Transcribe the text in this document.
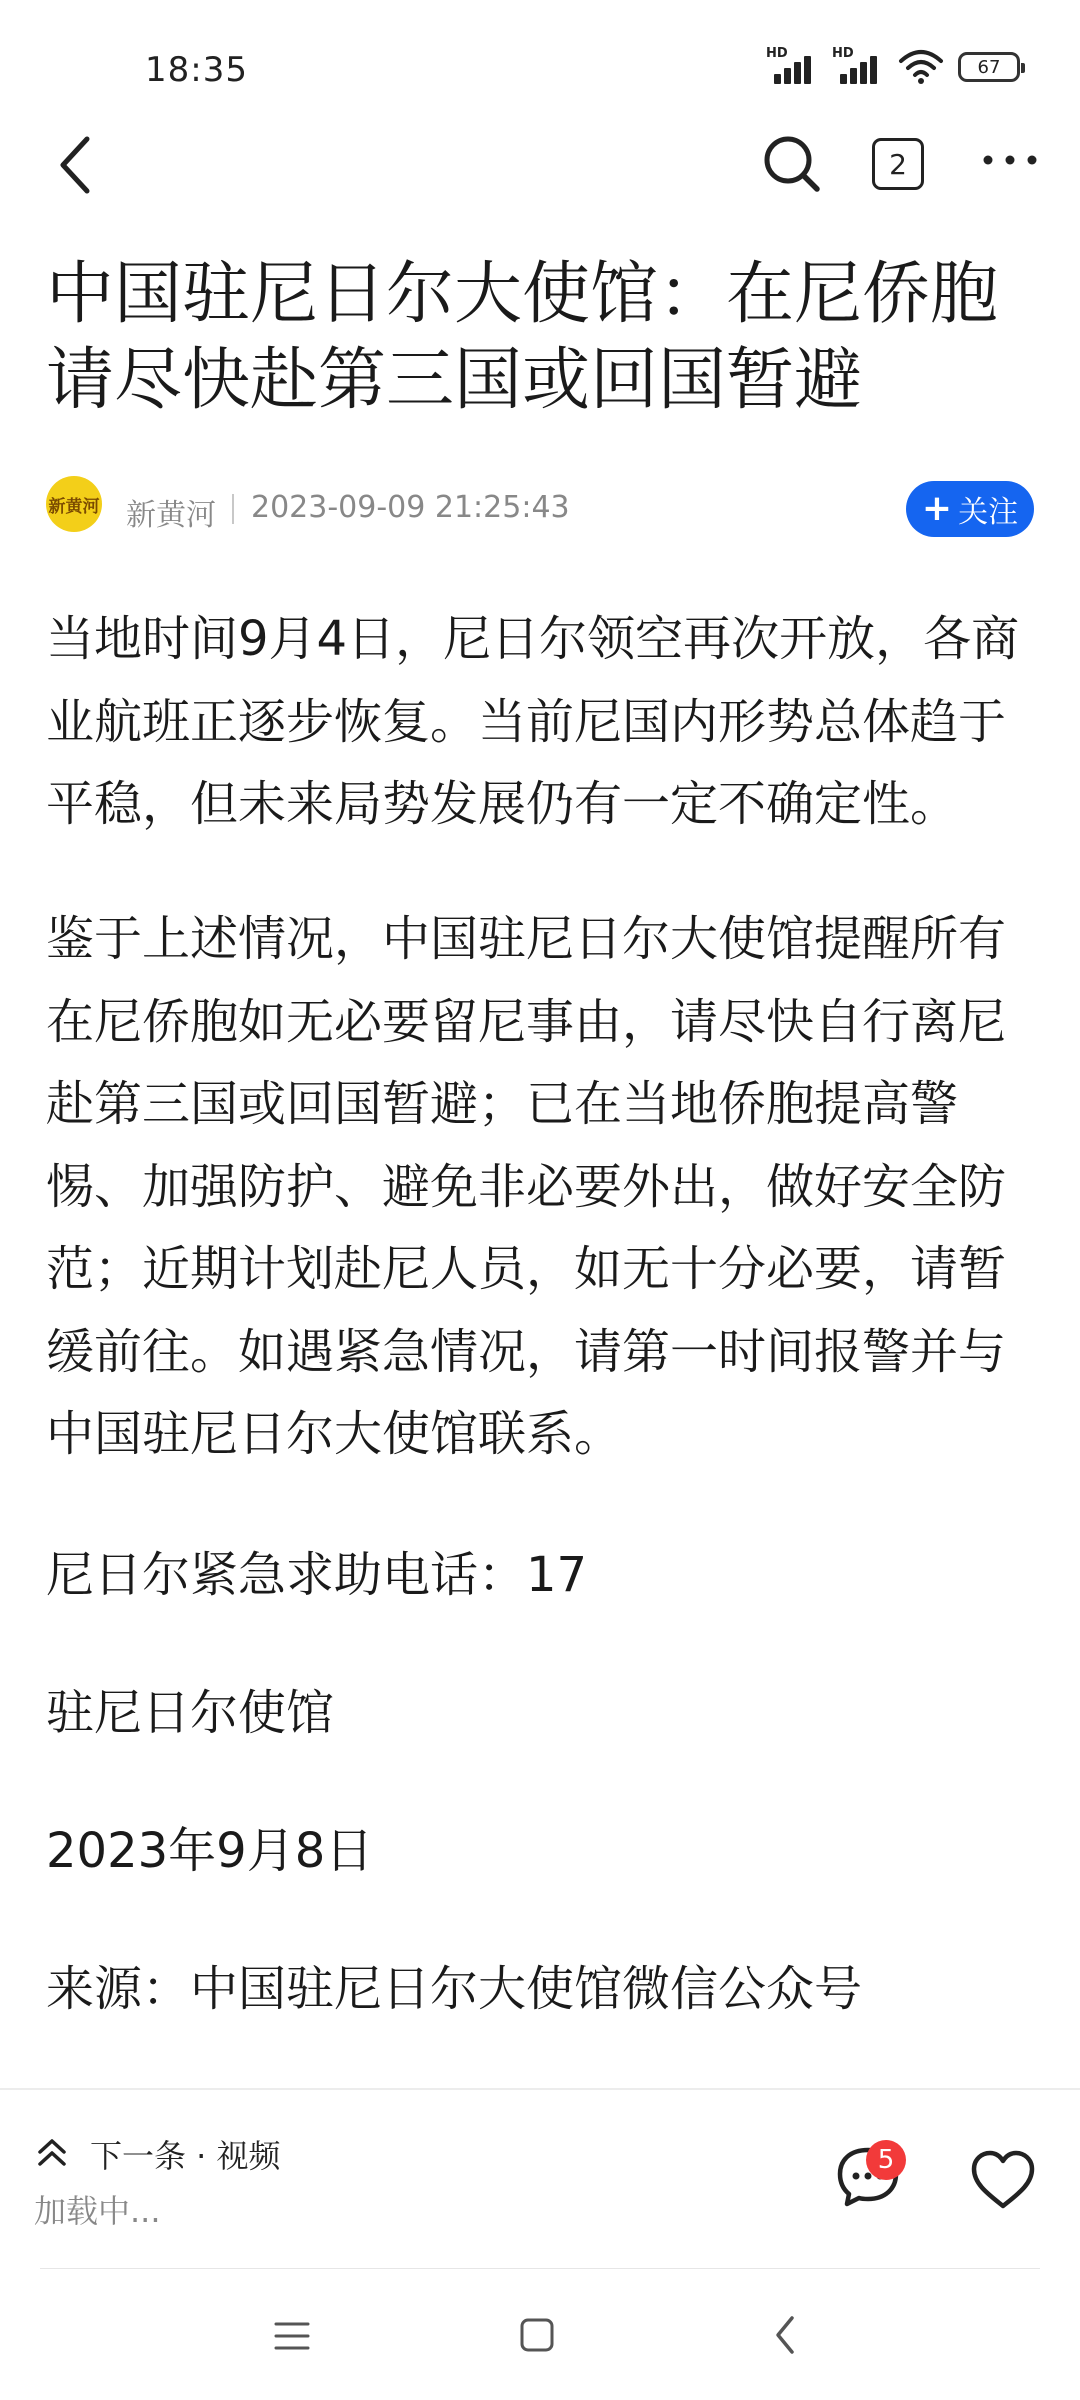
18:35	HD	HD
67
2
中国驻尼日尔大使馆：在尼侨胞请尽快赴第三国或回国暂避
新黄河 新黄河 2023-09-09 21:25:43	+ 关注

当地时间9月4日，尼日尔领空再次开放，各商业航班正逐步恢复。当前尼国内形势总体趋于平稳，但未来局势发展仍有一定不确定性。

鉴于上述情况，中国驻尼日尔大使馆提醒所有在尼侨胞如无必要留尼事由，请尽快自行离尼赴第三国或回国暂避；已在当地侨胞提高警惕、加强防护、避免非必要外出，做好安全防范；近期计划赴尼人员，如无十分必要，请暂缓前往。如遇紧急情况，请第一时间报警并与中国驻尼日尔大使馆联系。

尼日尔紧急求助电话：17

驻尼日尔使馆

2023年9月8日

来源：中国驻尼日尔大使馆微信公众号

下一条 · 视频
加载中...
5
